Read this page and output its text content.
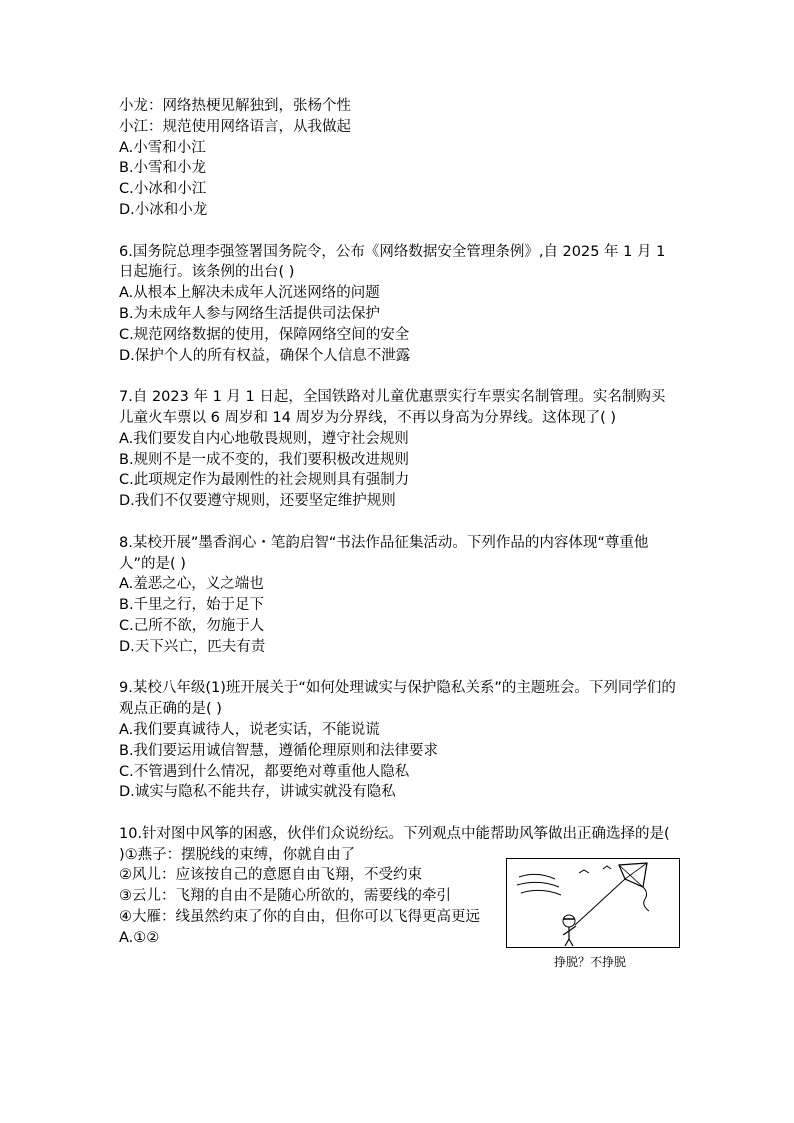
小龙：网络热梗见解独到，张杨个性
小江：规范使用网络语言，从我做起
A.小雪和小江
B.小雪和小龙
C.小冰和小江
D.小冰和小龙
6.国务院总理李强签署国务院令，公布《网络数据安全管理条例》,自 2025 年 1 月 1 日起施行。该条例的出台( )
A.从根本上解决未成年人沉迷网络的问题
B.为未成年人参与网络生活提供司法保护
C.规范网络数据的使用，保障网络空间的安全
D.保护个人的所有权益，确保个人信息不泄露
7.自 2023 年 1 月 1 日起，全国铁路对儿童优惠票实行车票实名制管理。实名制购买儿童火车票以 6 周岁和 14 周岁为分界线，不再以身高为分界线。这体现了( )
A.我们要发自内心地敬畏规则，遵守社会规则
B.规则不是一成不变的，我们要积极改进规则
C.此项规定作为最刚性的社会规则具有强制力
D.我们不仅要遵守规则，还要坚定维护规则
8.某校开展”墨香润心・笔韵启智“书法作品征集活动。下列作品的内容体现“尊重他人”的是( )
A.羞恶之心，义之端也
B.千里之行，始于足下
C.己所不欲，勿施于人
D.天下兴亡，匹夫有责
9.某校八年级(1)班开展关于“如何处理诚实与保护隐私关系”的主题班会。下列同学们的观点正确的是( )
A.我们要真诚待人，说老实话，不能说谎
B.我们要运用诚信智慧，遵循伦理原则和法律要求
C.不管遇到什么情况，都要绝对尊重他人隐私
D.诚实与隐私不能共存，讲诚实就没有隐私
10.针对图中风筝的困惑，伙伴们众说纷纭。下列观点中能帮助风筝做出正确选择的是( )①燕子：摆脱线的束缚，你就自由了
②风儿：应该按自己的意愿自由飞翔，不受约束
③云儿：飞翔的自由不是随心所欲的，需要线的牵引
④大雁：线虽然约束了你的自由，但你可以飞得更高更远
A.①②
挣脱？不挣脱
